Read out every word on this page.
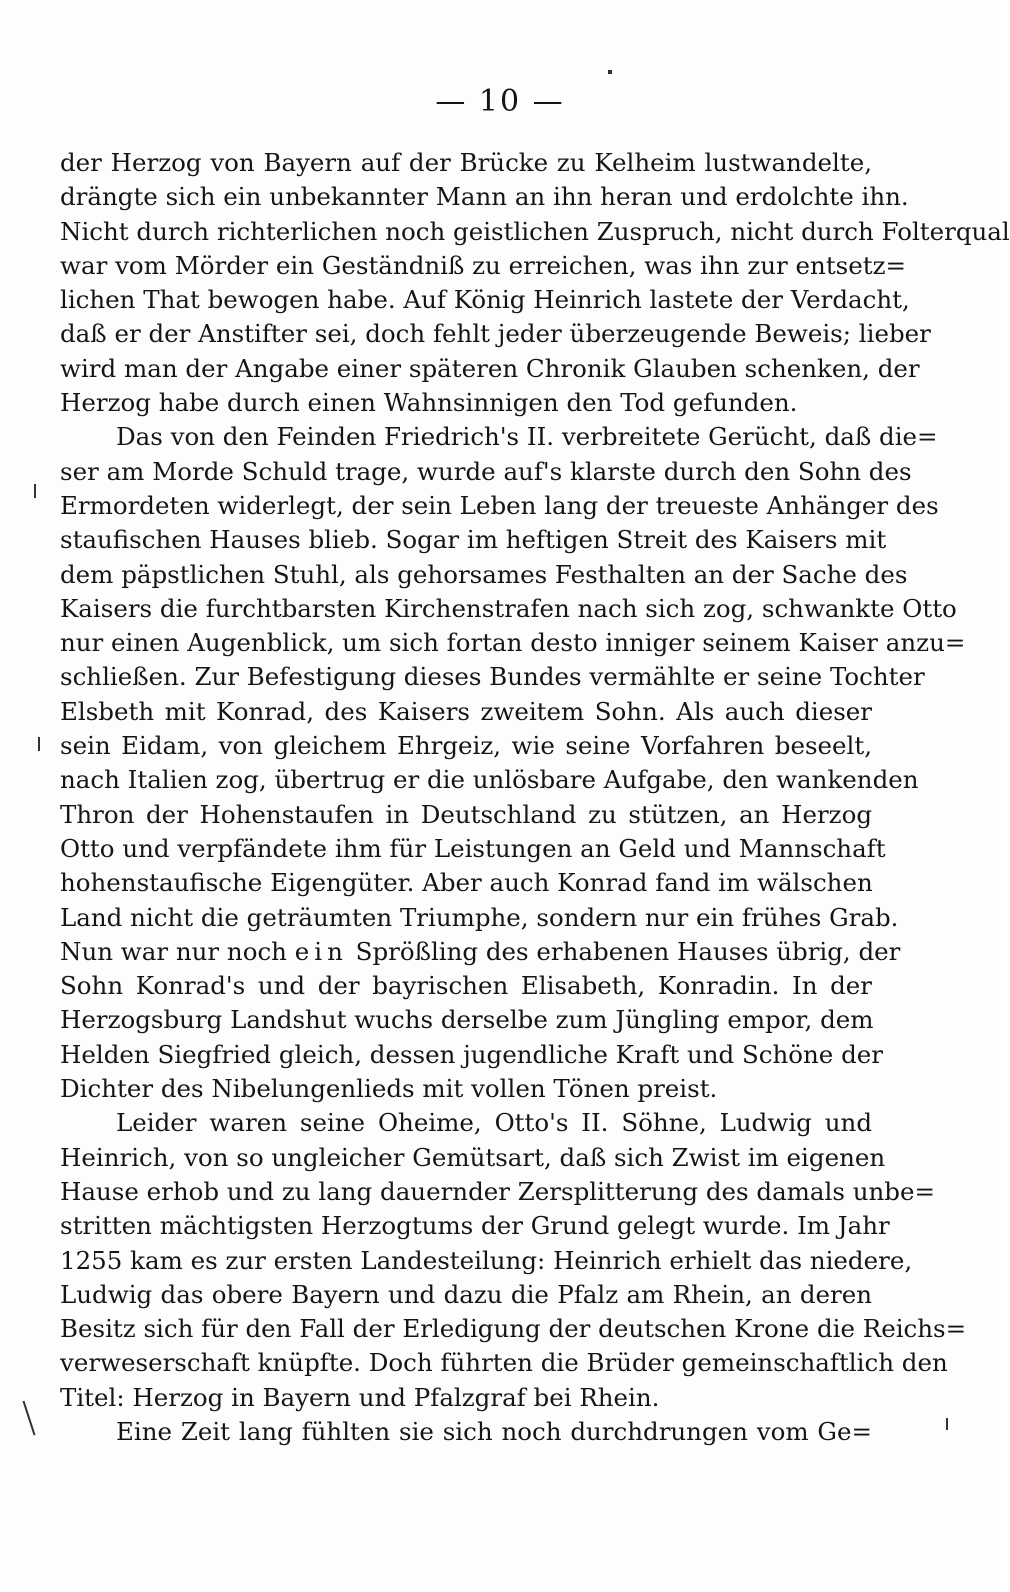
— 10 —
der Herzog von Bayern auf der Brücke zu Kelheim lustwandelte,
drängte sich ein unbekannter Mann an ihn heran und erdolchte ihn.
Nicht durch richterlichen noch geistlichen Zuspruch, nicht durch Folterqual
war vom Mörder ein Geständniß zu erreichen, was ihn zur entsetz=
lichen That bewogen habe. Auf König Heinrich lastete der Verdacht,
daß er der Anstifter sei, doch fehlt jeder überzeugende Beweis; lieber
wird man der Angabe einer späteren Chronik Glauben schenken, der
Herzog habe durch einen Wahnsinnigen den Tod gefunden.
Das von den Feinden Friedrich's II. verbreitete Gerücht, daß die=
ser am Morde Schuld trage, wurde auf's klarste durch den Sohn des
Ermordeten widerlegt, der sein Leben lang der treueste Anhänger des
staufischen Hauses blieb. Sogar im heftigen Streit des Kaisers mit
dem päpstlichen Stuhl, als gehorsames Festhalten an der Sache des
Kaisers die furchtbarsten Kirchenstrafen nach sich zog, schwankte Otto
nur einen Augenblick, um sich fortan desto inniger seinem Kaiser anzu=
schließen. Zur Befestigung dieses Bundes vermählte er seine Tochter
Elsbeth mit Konrad, des Kaisers zweitem Sohn. Als auch dieser
sein Eidam, von gleichem Ehrgeiz, wie seine Vorfahren beseelt,
nach Italien zog, übertrug er die unlösbare Aufgabe, den wankenden
Thron der Hohenstaufen in Deutschland zu stützen, an Herzog
Otto und verpfändete ihm für Leistungen an Geld und Mannschaft
hohenstaufische Eigengüter. Aber auch Konrad fand im wälschen
Land nicht die geträumten Triumphe, sondern nur ein frühes Grab.
Nun war nur noch ein Sprößling des erhabenen Hauses übrig, der
Sohn Konrad's und der bayrischen Elisabeth, Konradin. In der
Herzogsburg Landshut wuchs derselbe zum Jüngling empor, dem
Helden Siegfried gleich, dessen jugendliche Kraft und Schöne der
Dichter des Nibelungenlieds mit vollen Tönen preist.
Leider waren seine Oheime, Otto's II. Söhne, Ludwig und
Heinrich, von so ungleicher Gemütsart, daß sich Zwist im eigenen
Hause erhob und zu lang dauernder Zersplitterung des damals unbe=
stritten mächtigsten Herzogtums der Grund gelegt wurde. Im Jahr
1255 kam es zur ersten Landesteilung: Heinrich erhielt das niedere,
Ludwig das obere Bayern und dazu die Pfalz am Rhein, an deren
Besitz sich für den Fall der Erledigung der deutschen Krone die Reichs=
verweserschaft knüpfte. Doch führten die Brüder gemeinschaftlich den
Titel: Herzog in Bayern und Pfalzgraf bei Rhein.
Eine Zeit lang fühlten sie sich noch durchdrungen vom Ge=
